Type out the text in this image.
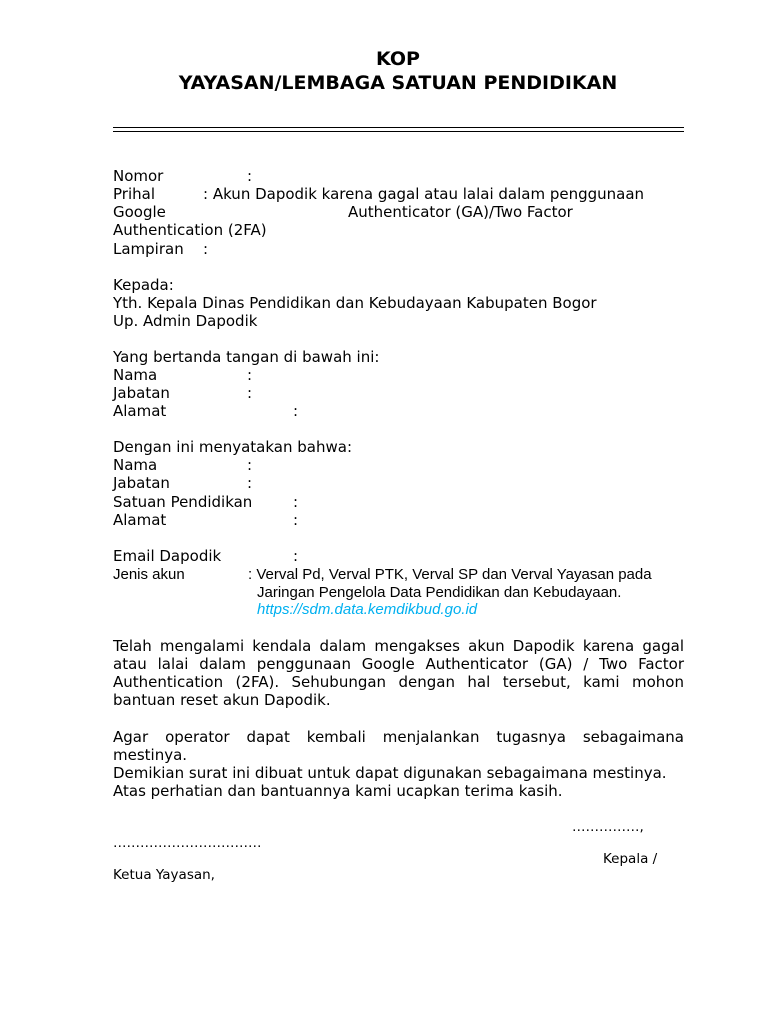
KOP
YAYASAN/LEMBAGA SATUAN PENDIDIKAN
Nomor	:
Prihal	: Akun Dapodik karena gagal atau lalai dalam penggunaan
Google	Authenticator (GA)/Two Factor
Authentication (2FA)
Lampiran :
Kepada:
Yth. Kepala Dinas Pendidikan dan Kebudayaan Kabupaten Bogor
Up. Admin Dapodik
Yang bertanda tangan di bawah ini:
Nama	:
Jabatan	:
Alamat	:
Dengan ini menyatakan bahwa:
Nama	:
Jabatan	:
Satuan Pendidikan	:
Alamat	:
Email Dapodik	:
Jenis akun	: Verval Pd, Verval PTK, Verval SP dan Verval Yayasan pada
Jaringan Pengelola Data Pendidikan dan Kebudayaan.
https://sdm.data.kemdikbud.go.id
Telah mengalami kendala dalam mengakses akun Dapodik karena gagal atau lalai dalam penggunaan Google Authenticator (GA) / Two Factor Authentication (2FA). Sehubungan dengan hal tersebut, kami mohon bantuan reset akun Dapodik.
Agar operator dapat kembali menjalankan tugasnya sebagaimana mestinya.
Demikian surat ini dibuat untuk dapat digunakan sebagaimana mestinya.
Atas perhatian dan bantuannya kami ucapkan terima kasih.
……………,
……………………………
Kepala /
Ketua Yayasan,
